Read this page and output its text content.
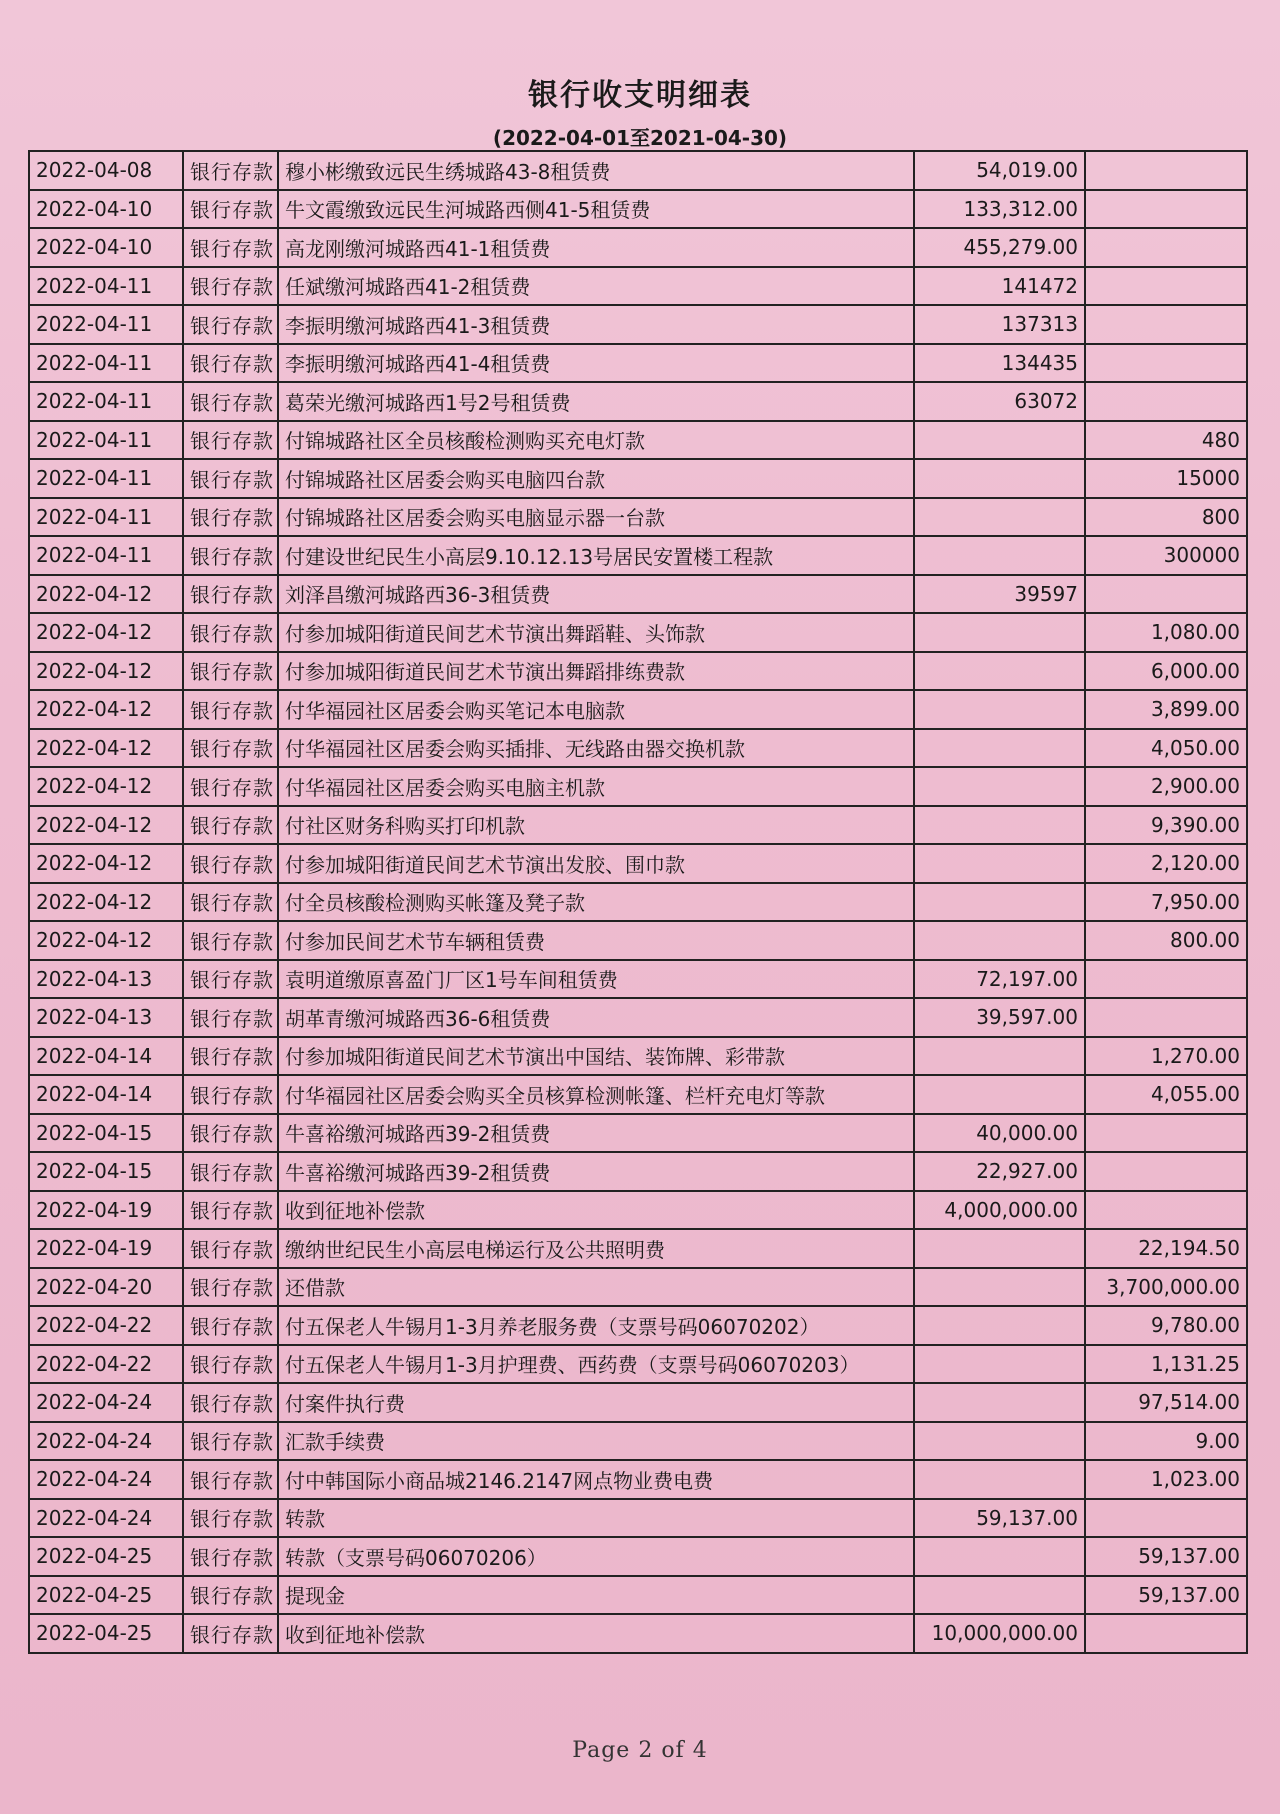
银行收支明细表
(2022-04-01至2021-04-30)
2022-04-08	银行存款	穆小彬缴致远民生绣城路43-8租赁费	54,019.00	
2022-04-10	银行存款	牛文霞缴致远民生河城路西侧41-5租赁费	133,312.00	
2022-04-10	银行存款	高龙刚缴河城路西41-1租赁费	455,279.00	
2022-04-11	银行存款	任斌缴河城路西41-2租赁费	141472	
2022-04-11	银行存款	李振明缴河城路西41-3租赁费	137313	
2022-04-11	银行存款	李振明缴河城路西41-4租赁费	134435	
2022-04-11	银行存款	葛荣光缴河城路西1号2号租赁费	63072	
2022-04-11	银行存款	付锦城路社区全员核酸检测购买充电灯款		480
2022-04-11	银行存款	付锦城路社区居委会购买电脑四台款		15000
2022-04-11	银行存款	付锦城路社区居委会购买电脑显示器一台款		800
2022-04-11	银行存款	付建设世纪民生小高层9.10.12.13号居民安置楼工程款		300000
2022-04-12	银行存款	刘泽昌缴河城路西36-3租赁费	39597	
2022-04-12	银行存款	付参加城阳街道民间艺术节演出舞蹈鞋、头饰款		1,080.00
2022-04-12	银行存款	付参加城阳街道民间艺术节演出舞蹈排练费款		6,000.00
2022-04-12	银行存款	付华福园社区居委会购买笔记本电脑款		3,899.00
2022-04-12	银行存款	付华福园社区居委会购买插排、无线路由器交换机款		4,050.00
2022-04-12	银行存款	付华福园社区居委会购买电脑主机款		2,900.00
2022-04-12	银行存款	付社区财务科购买打印机款		9,390.00
2022-04-12	银行存款	付参加城阳街道民间艺术节演出发胶、围巾款		2,120.00
2022-04-12	银行存款	付全员核酸检测购买帐篷及凳子款		7,950.00
2022-04-12	银行存款	付参加民间艺术节车辆租赁费		800.00
2022-04-13	银行存款	袁明道缴原喜盈门厂区1号车间租赁费	72,197.00	
2022-04-13	银行存款	胡革青缴河城路西36-6租赁费	39,597.00	
2022-04-14	银行存款	付参加城阳街道民间艺术节演出中国结、装饰牌、彩带款		1,270.00
2022-04-14	银行存款	付华福园社区居委会购买全员核算检测帐篷、栏杆充电灯等款		4,055.00
2022-04-15	银行存款	牛喜裕缴河城路西39-2租赁费	40,000.00	
2022-04-15	银行存款	牛喜裕缴河城路西39-2租赁费	22,927.00	
2022-04-19	银行存款	收到征地补偿款	4,000,000.00	
2022-04-19	银行存款	缴纳世纪民生小高层电梯运行及公共照明费		22,194.50
2022-04-20	银行存款	还借款		3,700,000.00
2022-04-22	银行存款	付五保老人牛锡月1-3月养老服务费（支票号码06070202）		9,780.00
2022-04-22	银行存款	付五保老人牛锡月1-3月护理费、西药费（支票号码06070203）		1,131.25
2022-04-24	银行存款	付案件执行费		97,514.00
2022-04-24	银行存款	汇款手续费		9.00
2022-04-24	银行存款	付中韩国际小商品城2146.2147网点物业费电费		1,023.00
2022-04-24	银行存款	转款	59,137.00	
2022-04-25	银行存款	转款（支票号码06070206）		59,137.00
2022-04-25	银行存款	提现金		59,137.00
2022-04-25	银行存款	收到征地补偿款	10,000,000.00	
Page 2 of 4
